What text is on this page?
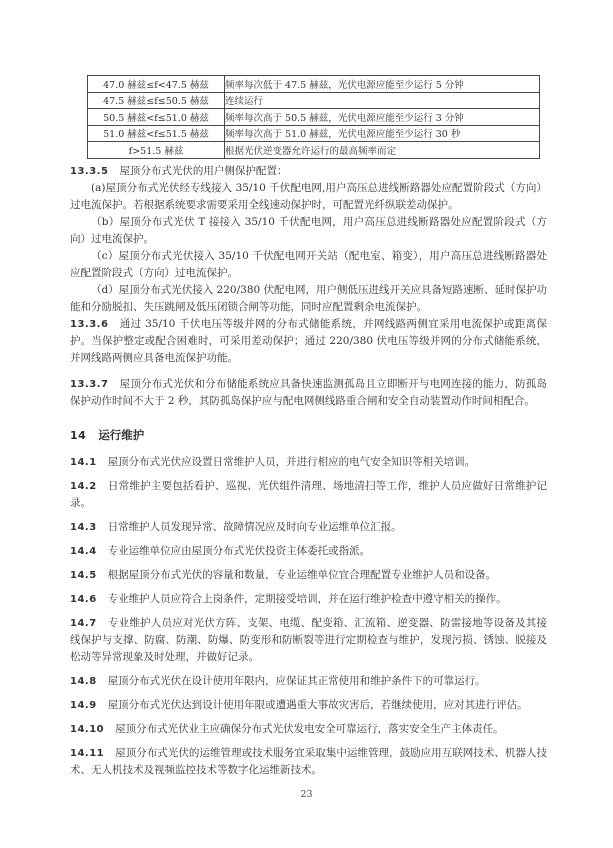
47.0 赫兹≤f<47.5 赫兹	频率每次低于 47.5 赫兹，光伏电源应能至少运行 5 分钟
47.5 赫兹≤f≤50.5 赫兹	连续运行
50.5 赫兹<f≤51.0 赫兹	频率每次高于 50.5 赫兹，光伏电源应能至少运行 3 分钟
51.0 赫兹<f≤51.5 赫兹	频率每次高于 51.0 赫兹，光伏电源应能至少运行 30 秒
f>51.5 赫兹	根据光伏逆变器允许运行的最高频率而定

13.3.5 屋顶分布式光伏的用户侧保护配置：

(a)屋顶分布式光伏经专线接入 35/10 千伏配电网,用户高压总进线断路器处应配置阶段式（方向）过电流保护。若根据系统要求需要采用全线速动保护时，可配置光纤纵联差动保护。

（b）屋顶分布式光伏 T 接接入 35/10 千伏配电网，用户高压总进线断路器处应配置阶段式（方向）过电流保护。

（c）屋顶分布式光伏接入 35/10 千伏配电网开关站（配电室、箱变），用户高压总进线断路器处应配置阶段式（方向）过电流保护。

（d）屋顶分布式光伏接入 220/380 伏配电网，用户侧低压进线开关应具备短路速断、延时保护功能和分励脱扣、失压跳闸及低压闭锁合闸等功能，同时应配置剩余电流保护。

13.3.6 通过 35/10 千伏电压等级并网的分布式储能系统，并网线路两侧宜采用电流保护或距离保护。当保护整定或配合困难时，可采用差动保护；通过 220/380 伏电压等级并网的分布式储能系统，并网线路两侧应具备电流保护功能。

13.3.7 屋顶分布式光伏和分布储能系统应具备快速监测孤岛且立即断开与电网连接的能力，防孤岛保护动作时间不大于 2 秒，其防孤岛保护应与配电网侧线路重合闸和安全自动装置动作时间相配合。

14 运行维护

14.1 屋顶分布式光伏应设置日常维护人员，并进行相应的电气安全知识等相关培训。

14.2 日常维护主要包括看护、巡视、光伏组件清理、场地清扫等工作，维护人员应做好日常维护记录。

14.3 日常维护人员发现异常、故障情况应及时向专业运维单位汇报。

14.4 专业运维单位应由屋顶分布式光伏投资主体委托或指派。

14.5 根据屋顶分布式光伏的容量和数量，专业运维单位宜合理配置专业维护人员和设备。

14.6 专业维护人员应符合上岗条件，定期接受培训，并在运行维护检查中遵守相关的操作。

14.7 专业维护人员应对光伏方阵、支架、电缆、配变箱、汇流箱、逆变器、防雷接地等设备及其接线保护与支撑、防腐、防潮、防爆、防变形和防断裂等进行定期检查与维护，发现污损、锈蚀、脱接及松动等异常现象及时处理，并做好记录。

14.8 屋顶分布式光伏在设计使用年限内，应保证其正常使用和维护条件下的可靠运行。

14.9 屋顶分布式光伏达到设计使用年限或遭遇重大事故灾害后，若继续使用，应对其进行评估。

14.10 屋顶分布式光伏业主应确保分布式光伏发电安全可靠运行，落实安全生产主体责任。

14.11 屋顶分布式光伏的运维管理或技术服务宜采取集中运维管理，鼓励应用互联网技术、机器人技术、无人机技术及视频监控技术等数字化运维新技术。

23
